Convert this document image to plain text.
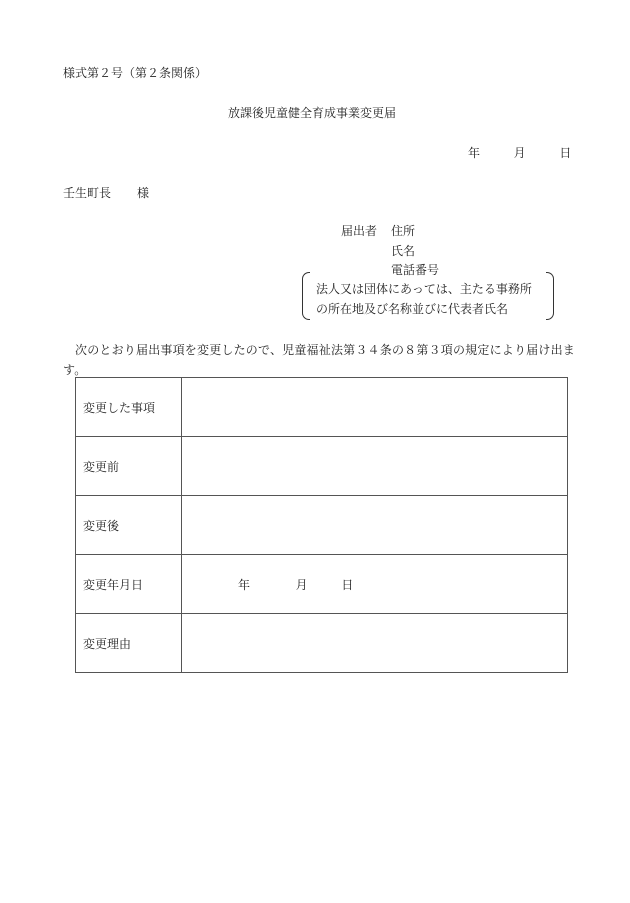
様式第２号（第２条関係）
放課後児童健全育成事業変更届
年	月	日
壬生町長 様
届出者 住所
氏名
電話番号
法人又は団体にあっては、主たる事務所
の所在地及び名称並びに代表者氏名
次のとおり届出事項を変更したので、児童福祉法第３４条の８第３項の規定により届け出ます。
変更した事項	
変更前	
変更後	
変更年月日	年 月 日
変更理由	
